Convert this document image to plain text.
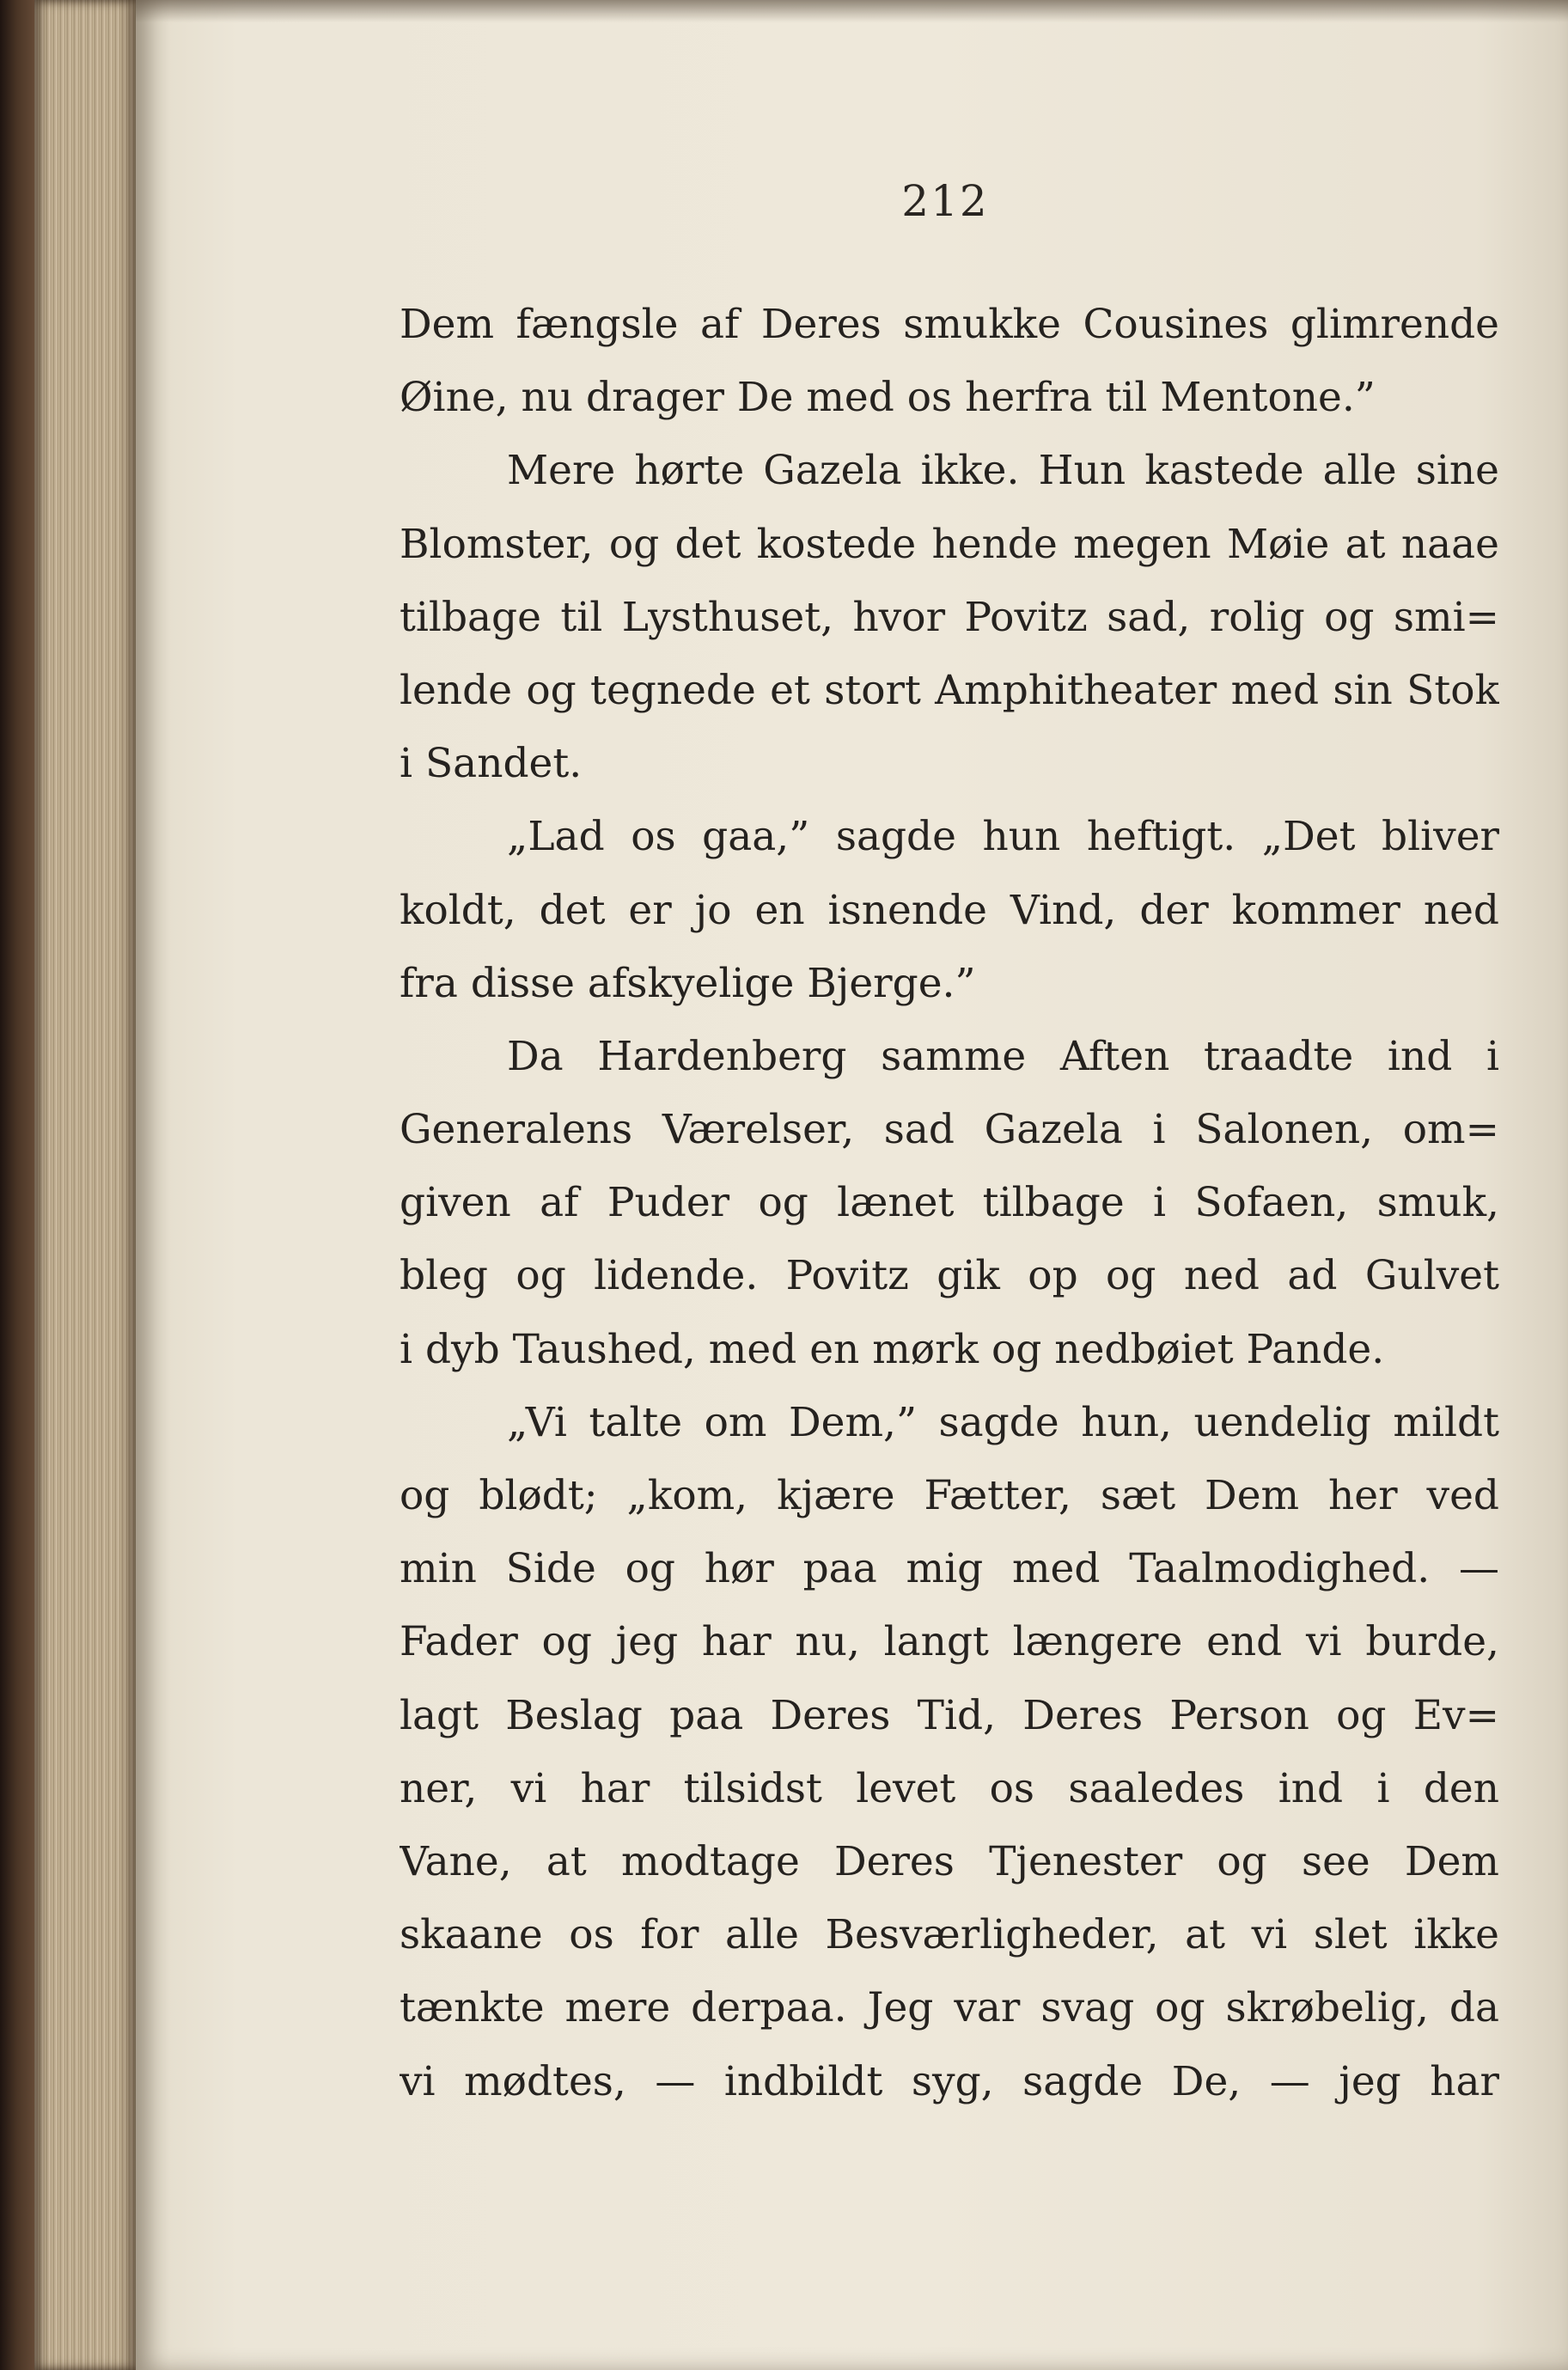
212
Dem fængsle af Deres smukke Cousines glimrende
Øine, nu drager De med os herfra til Mentone.”
Mere hørte Gazela ikke. Hun kastede alle sine
Blomster, og det kostede hende megen Møie at naae
tilbage til Lysthuset, hvor Povitz sad, rolig og smi=
lende og tegnede et stort Amphitheater med sin Stok
i Sandet.
„Lad os gaa,” sagde hun heftigt. „Det bliver
koldt, det er jo en isnende Vind, der kommer ned
fra disse afskyelige Bjerge.”
Da Hardenberg samme Aften traadte ind i
Generalens Værelser, sad Gazela i Salonen, om=
given af Puder og lænet tilbage i Sofaen, smuk,
bleg og lidende. Povitz gik op og ned ad Gulvet
i dyb Taushed, med en mørk og nedbøiet Pande.
„Vi talte om Dem,” sagde hun, uendelig mildt
og blødt; „kom, kjære Fætter, sæt Dem her ved
min Side og hør paa mig med Taalmodighed. —
Fader og jeg har nu, langt længere end vi burde,
lagt Beslag paa Deres Tid, Deres Person og Ev=
ner, vi har tilsidst levet os saaledes ind i den
Vane, at modtage Deres Tjenester og see Dem
skaane os for alle Besværligheder, at vi slet ikke
tænkte mere derpaa. Jeg var svag og skrøbelig, da
vi mødtes, — indbildt syg, sagde De, — jeg har
